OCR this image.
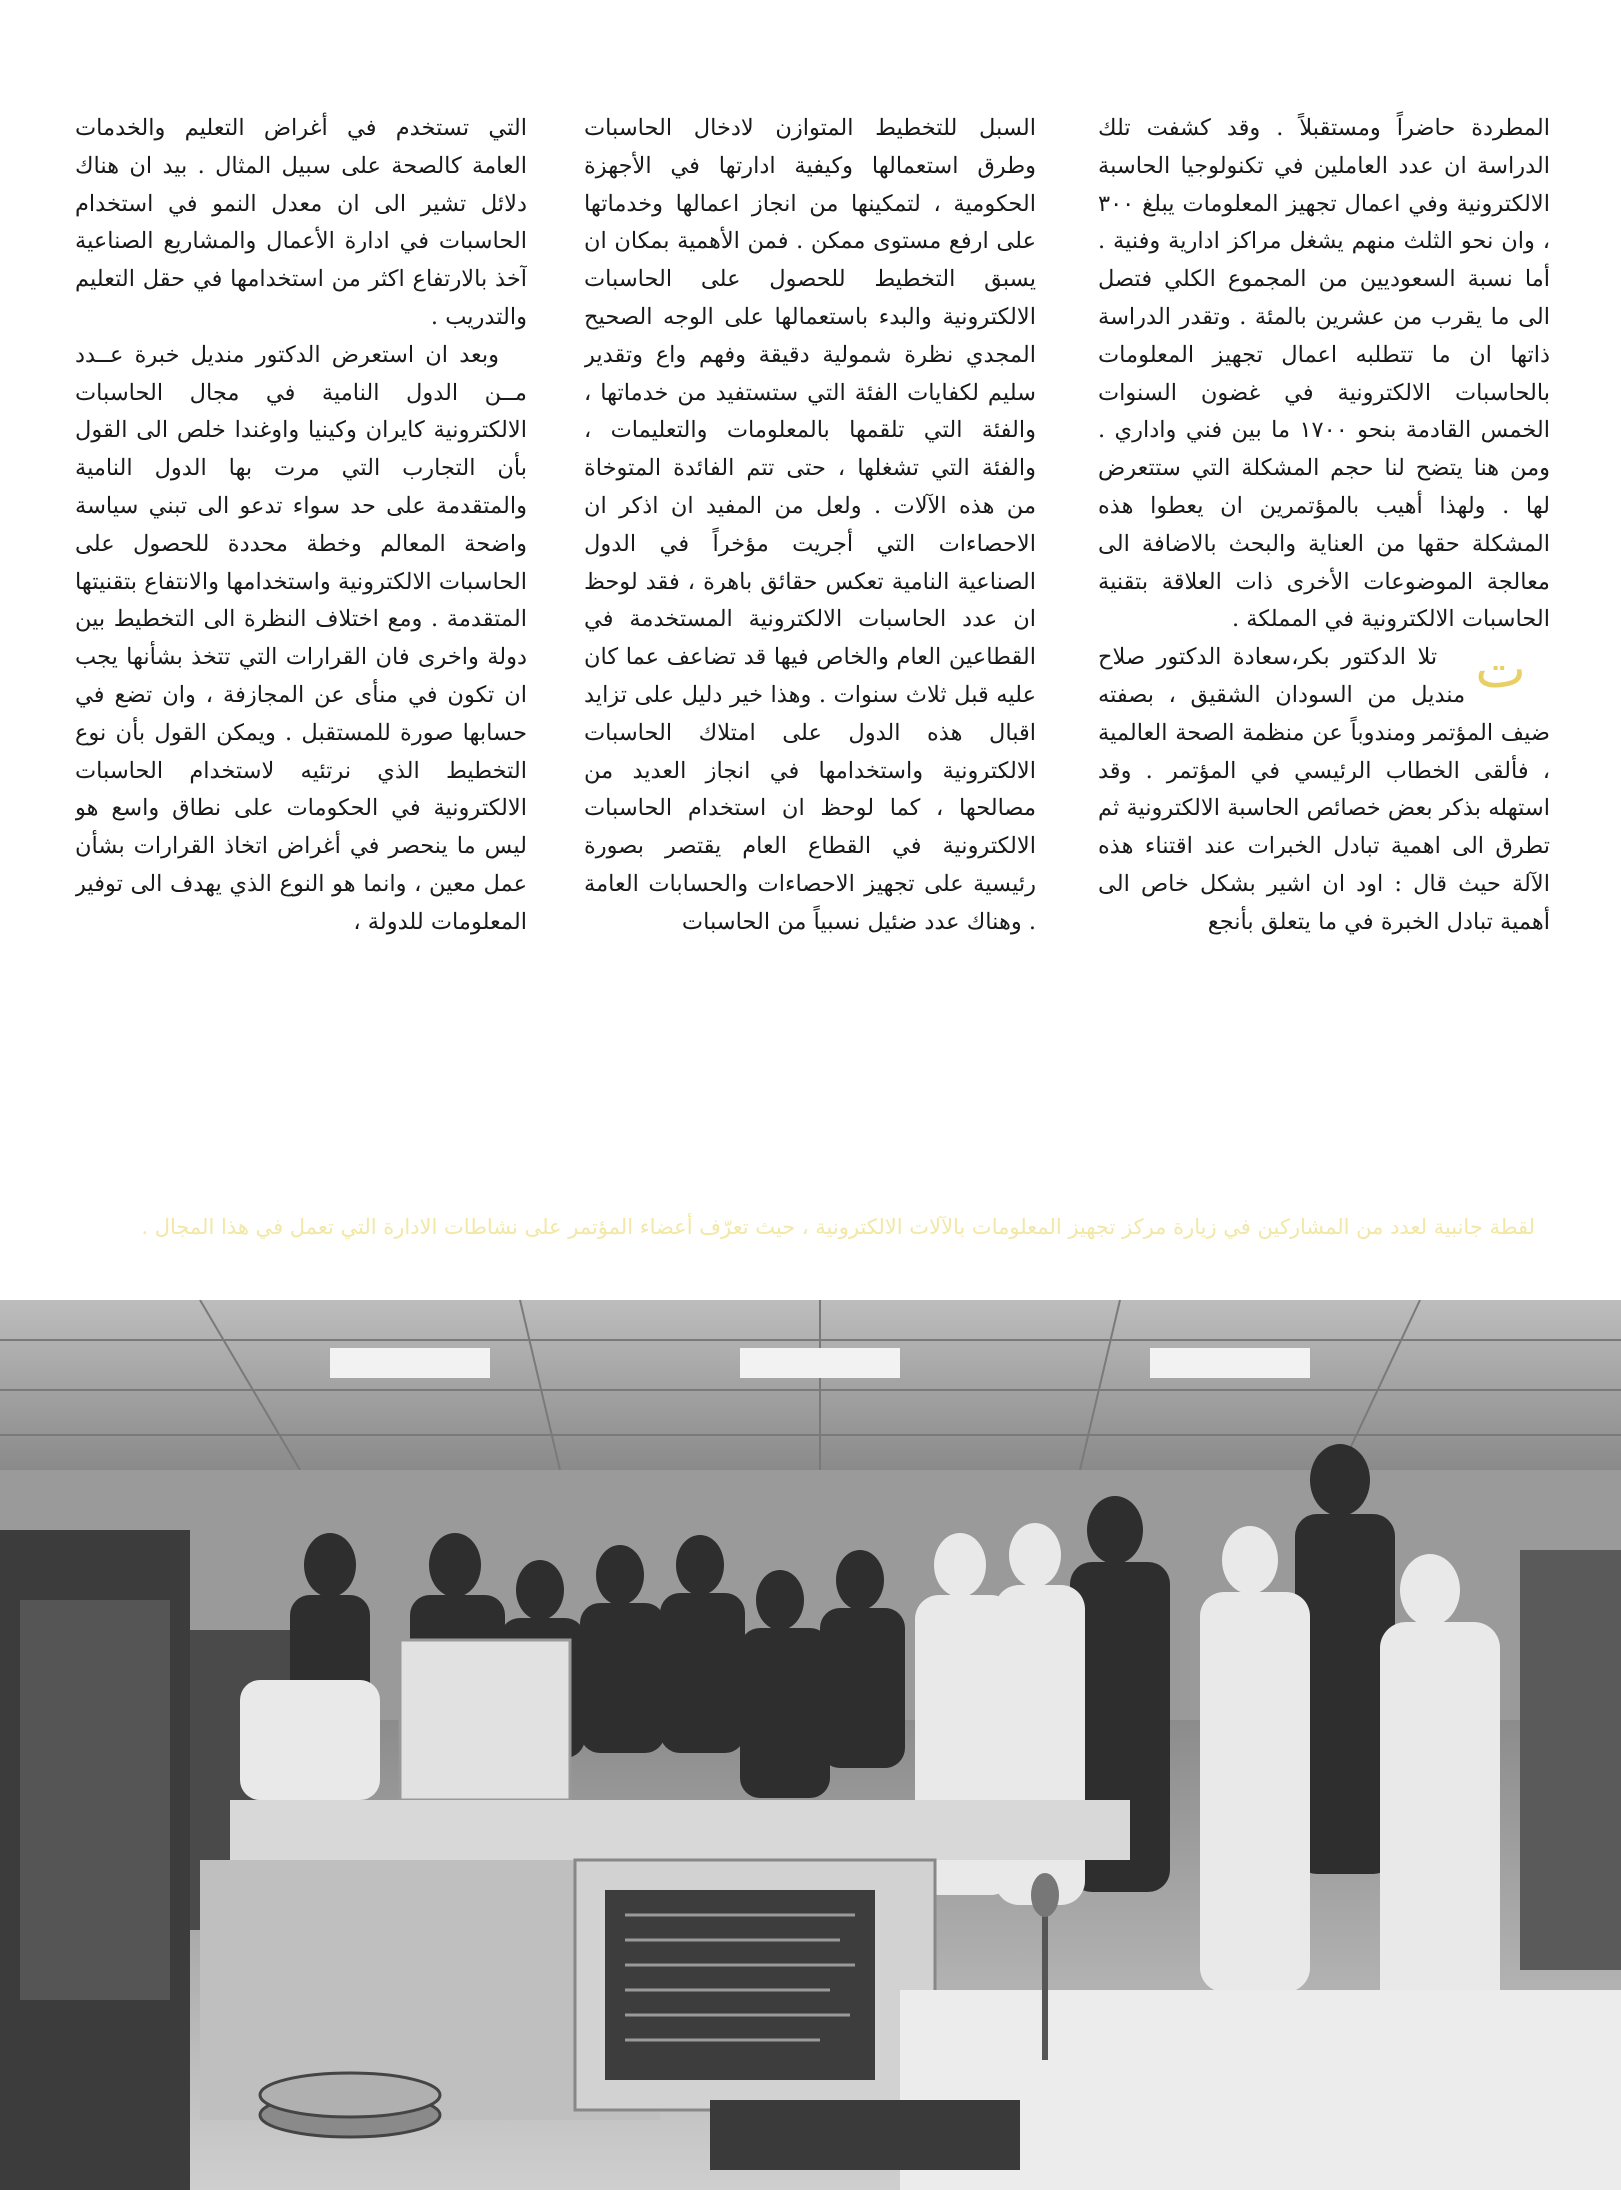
المطردة حاضراً ومستقبلاً . وقد كشفت تلك الدراسة ان عدد العاملين في تكنولوجيا الحاسبة الالكترونية وفي اعمال تجهيز المعلومات يبلغ ٣٠٠ ، وان نحو الثلث منهم يشغل مراكز ادارية وفنية . أما نسبة السعوديين من المجموع الكلي فتصل الى ما يقرب من عشرين بالمئة . وتقدر الدراسة ذاتها ان ما تتطلبه اعمال تجهيز المعلومات بالحاسبات الالكترونية في غضون السنوات الخمس القادمة بنحو ١٧٠٠ ما بين فني واداري . ومن هنا يتضح لنا حجم المشكلة التي ستتعرض لها . ولهذا أهيب بالمؤتمرين ان يعطوا هذه المشكلة حقها من العناية والبحث بالاضافة الى معالجة الموضوعات الأخرى ذات العلاقة بتقنية الحاسبات الالكترونية في المملكة .

ت
تلا الدكتور بكر،سعادة الدكتور صلاح منديل من السودان الشقيق ، بصفته ضيف المؤتمر ومندوباً عن منظمة الصحة العالمية ، فألقى الخطاب الرئيسي في المؤتمر . وقد استهله بذكر بعض خصائص الحاسبة الالكترونية ثم تطرق الى اهمية تبادل الخبرات عند اقتناء هذه الآلة حيث قال : اود ان اشير بشكل خاص الى أهمية تبادل الخبرة في ما يتعلق بأنجع

السبل للتخطيط المتوازن لادخال الحاسبات وطرق استعمالها وكيفية ادارتها في الأجهزة الحكومية ، لتمكينها من انجاز اعمالها وخدماتها على ارفع مستوى ممكن . فمن الأهمية بمكان ان يسبق التخطيط للحصول على الحاسبات الالكترونية والبدء باستعمالها على الوجه الصحيح المجدي نظرة شمولية دقيقة وفهم واع وتقدير سليم لكفايات الفئة التي ستستفيد من خدماتها ، والفئة التي تلقمها بالمعلومات والتعليمات ، والفئة التي تشغلها ، حتى تتم الفائدة المتوخاة من هذه الآلات . ولعل من المفيد ان اذكر ان الاحصاءات التي أجريت مؤخراً في الدول الصناعية النامية تعكس حقائق باهرة ، فقد لوحظ ان عدد الحاسبات الالكترونية المستخدمة في القطاعين العام والخاص فيها قد تضاعف عما كان عليه قبل ثلاث سنوات . وهذا خير دليل على تزايد اقبال هذه الدول على امتلاك الحاسبات الالكترونية واستخدامها في انجاز العديد من مصالحها ، كما لوحظ ان استخدام الحاسبات الالكترونية في القطاع العام يقتصر بصورة رئيسية على تجهيز الاحصاءات والحسابات العامة . وهناك عدد ضئيل نسبياً من الحاسبات

التي تستخدم في أغراض التعليم والخدمات العامة كالصحة على سبيل المثال . بيد ان هناك دلائل تشير الى ان معدل النمو في استخدام الحاسبات في ادارة الأعمال والمشاريع الصناعية آخذ بالارتفاع اكثر من استخدامها في حقل التعليم والتدريب .

وبعد ان استعرض الدكتور منديل خبرة عــدد مــن الدول النامية في مجال الحاسبات الالكترونية كايران وكينيا واوغندا خلص الى القول بأن التجارب التي مرت بها الدول النامية والمتقدمة على حد سواء تدعو الى تبني سياسة واضحة المعالم وخطة محددة للحصول على الحاسبات الالكترونية واستخدامها والانتفاع بتقنيتها المتقدمة . ومع اختلاف النظرة الى التخطيط بين دولة واخرى فان القرارات التي تتخذ بشأنها يجب ان تكون في منأى عن المجازفة ، وان تضع في حسابها صورة للمستقبل . ويمكن القول بأن نوع التخطيط الذي نرتئيه لاستخدام الحاسبات الالكترونية في الحكومات على نطاق واسع هو ليس ما ينحصر في أغراض اتخاذ القرارات بشأن عمل معين ، وانما هو النوع الذي يهدف الى توفير المعلومات للدولة ،

لقطة جانبية لعدد من المشاركين في زيارة مركز تجهيز المعلومات بالآلات الالكترونية ، حيث تعرّف أعضاء المؤتمر على نشاطات الادارة التي تعمل في هذا المجال .
